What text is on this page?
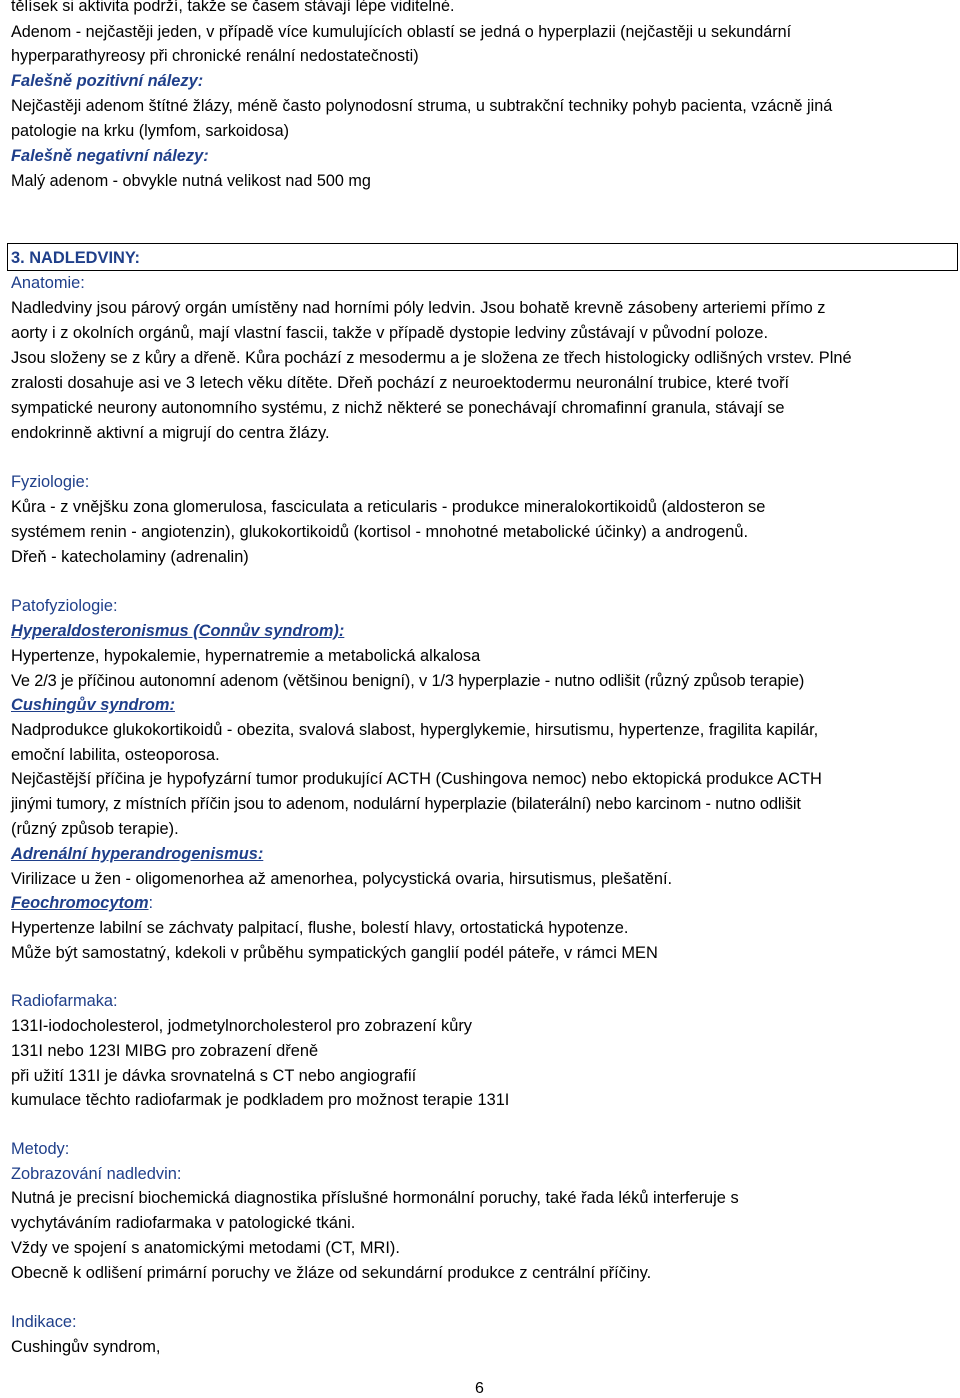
tělísek si aktivita podrží, takže se časem stávají lépe viditelné.
Adenom - nejčastěji jeden, v případě více kumulujících oblastí se jedná o hyperplazii (nejčastěji u sekundární
hyperparathyreosy při chronické renální nedostatečnosti)
Falešně pozitivní nálezy:
Nejčastěji adenom štítné žlázy, méně často polynodosní struma, u subtrakční techniky pohyb pacienta, vzácně jiná
patologie na krku (lymfom, sarkoidosa)
Falešně negativní nálezy:
Malý adenom - obvykle nutná velikost nad 500 mg
3. NADLEDVINY:
Anatomie:
Nadledviny jsou párový orgán umístěny nad horními póly ledvin. Jsou bohatě krevně zásobeny arteriemi přímo z
aorty i z okolních orgánů, mají vlastní fascii, takže v případě dystopie ledviny zůstávají v původní poloze.
Jsou složeny se z kůry a dřeně. Kůra pochází z mesodermu a je složena ze třech histologicky odlišných vrstev. Plné
zralosti dosahuje asi ve 3 letech věku dítěte. Dřeň pochází z neuroektodermu neuronální trubice, které tvoří
sympatické neurony autonomního systému, z nichž některé se ponechávají chromafinní granula, stávají se
endokrinně aktivní a migrují do centra žlázy.
Fyziologie:
Kůra - z vnějšku zona glomerulosa, fasciculata a reticularis - produkce mineralokortikoidů (aldosteron se
systémem renin - angiotenzin), glukokortikoidů (kortisol - mnohotné metabolické účinky) a androgenů.
Dřeň - katecholaminy (adrenalin)
Patofyziologie:
Hyperaldosteronismus (Connův syndrom):
Hypertenze, hypokalemie, hypernatremie a metabolická alkalosa
Ve 2/3 je příčinou autonomní adenom (většinou benigní), v 1/3 hyperplazie - nutno odlišit (různý způsob terapie)
Cushingův syndrom:
Nadprodukce glukokortikoidů - obezita, svalová slabost, hyperglykemie, hirsutismu, hypertenze, fragilita kapilár,
emoční labilita, osteoporosa.
Nejčastější příčina je hypofyzární tumor produkující ACTH (Cushingova nemoc) nebo ektopická produkce ACTH
jinými tumory, z místních příčin jsou to adenom, nodulární hyperplazie (bilaterální) nebo karcinom - nutno odlišit
(různý způsob terapie).
Adrenální hyperandrogenismus:
Virilizace u žen - oligomenorhea až amenorhea, polycystická ovaria, hirsutismus, plešatění.
Feochromocytom:
Hypertenze labilní se záchvaty palpitací, flushe, bolestí hlavy, ortostatická hypotenze.
Může být samostatný, kdekoli v průběhu sympatických ganglií podél páteře, v rámci MEN
Radiofarmaka:
131I-iodocholesterol, jodmetylnorcholesterol pro zobrazení kůry
131I nebo 123I MIBG pro zobrazení dřeně
při užití 131I je dávka srovnatelná s CT nebo angiografií
kumulace těchto radiofarmak je podkladem pro možnost terapie 131I
Metody:
Zobrazování nadledvin:
Nutná je precisní biochemická diagnostika příslušné hormonální poruchy, také řada léků interferuje s
vychytáváním radiofarmaka v patologické tkáni.
Vždy ve spojení s anatomickými metodami (CT, MRI).
Obecně k odlišení primární poruchy ve žláze od sekundární produkce z centrální příčiny.
Indikace:
Cushingův syndrom,
6
